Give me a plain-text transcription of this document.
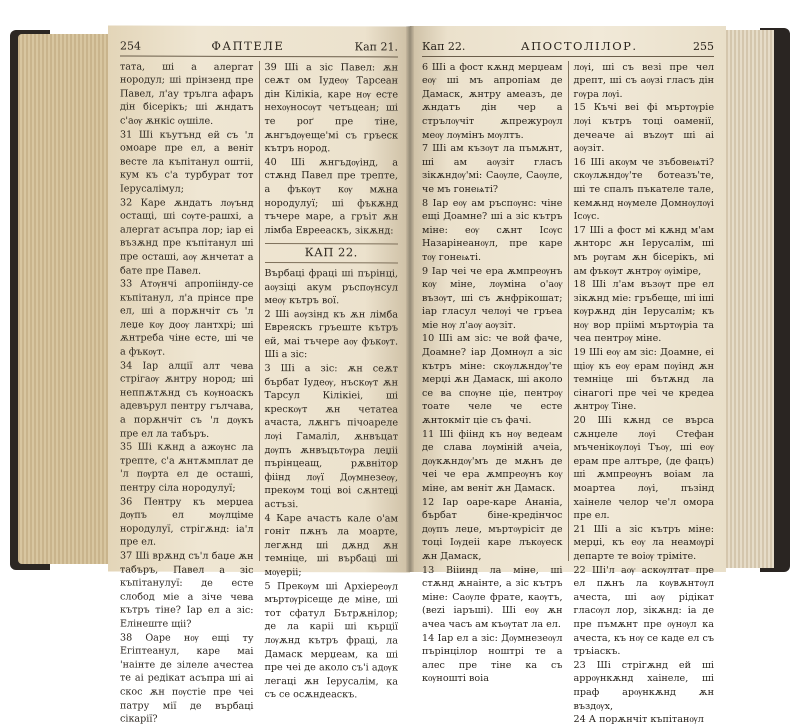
254	ФАПТЕЛЕ	Кап 21.

тата, ші а алергат нородул; ші прінзенд пре Павел, л'ау трълга афаръ дін бісерікъ; ші ѫндатъ с'аѹ ѫнкіс ѹшіле.

31 Ші къутънд ей съ 'л омоаре пре ел, а веніт вeсте ла къпітанул оштіі, кум къ с'а турбурат тот Іерусалімул;

32 Каре ѫндатъ лѹънд остащі, ші сѹте-рашхі, а алергат асъпра лор; іар еі възѫнд пре къпітанул ші пре осташі, аѹ ѫнчетат а бате пре Павел.

33 Атѹнчі апропіінду-се къпітанул, л'а прінсe пре ел, ші а порѫнчіт съ 'л лeџе кѹ доѹ лантхрі; ші ѫнтреба чіне есте, ші че а фъкѹт.

34 Іар алції алт чева стрігаѹ ѫнтру нород; ші неппѫтѫнд съ кѹноаскъ адевърул пентру гълчава, а порѫнчіт съ 'л дѹкъ пре ел ла табъръ.

35 Ші кѫнд а ажѹнс ла трепте, с'а ѫнтѫмплат де 'л пѹрта ел де осташі, пентру сіла нородулуї;

36 Пентру къ мерџеа дѹпъ ел мѹлціме нородулуї, стрігѫнд: іа'л пре ел.

37 Ші врѫнд съ'л бaџе ѫн табъръ, Павел а зіс къпітанулуї: де есте слобод міe а зіче чева кътръ тіне? Іар ел а зіс: Елінеште щіі?

38 Оаре нѹ ещі ту Егіптеанул, каре маі 'наінте де зілеле ачестеа те аі редікат асъпра ші аі скос ѫн пѹстіe пре чеі патру мії де върбаці сікарії?

39 Ші а зіс Павел: ѫн сеѫт ом Іудеѹ Тарсеан дін Кілікіа, каре нѹ есте нехѹносѹт четъцеан; ші те роґ пре тіне, ѫнгъдѹеще'мі съ гръеск кътръ нород.

40 Ші ѫнгъдѹінд, а стѫнд Павел пре трепте, а фъкѹт кѹ мѫна нородулуї; ші фъкѫнд тъчере маре, а гръіт ѫн лімба Еврееаскъ, зікѫнд:

КАП 22.

Върбаці фраці ші пърінці, аѹзіці акум ръспѹнсул меѹ кътръ вої.

2 Ші аѹзінд къ ѫн лімба Евреяскъ гръеште кътръ ей, маі тъчере аѹ фъкѹт. Ші а зіс:

3 Ші а зіс: ѫн сеѫт бърбат Іудеѹ, нъскѹт ѫн Тарсул Кілікіеі, ші крескѹт ѫн четатеа ачаста, лѫнгъ пічоареле лѹі Гамаліл, ѫнвъцат дѹпъ ѫнвъцътѹра лeџii пърінцеащ, рѫвнітор фіінд лѹї Дѹмнезеѹ, прекѹм тоці воі сѫнтеці астъзі.

4 Каре ачастъ кале о'ам гоніт пѫнъ ла моарте, легѫнд ші дѫнд ѫн темніцe, ші върбаці ші мѹеріі;

5 Прекѹм ші Архіереѹл мъртѹріcеще де міне, ші тот сфатул Бътрѫнілор; де ла каріі ші кърції лѹѫнд кътръ фраці, ла Дамаск мерџеам, ка ші пре чeі де аколо съ'і адѹк легаці ѫн Іерусалім, ка съ се осѫндеаскъ.

Кап 22.	АПОСТОЛІЛОР.	255

6 Ші а фост кѫнд мерџеам еѹ ші мъ апропіам де Дамаск, ѫнтру амеазъ, де ѫндатъ дін чер а стрълѹчіт ѫпрежурѹл меѹ лѹмінъ мѹлтъ.

7 Ші ам къзѹт ла пъмѫнт, ші ам аѹзіт гласъ зікѫндѹ'мі: Саѹле, Саѹле, че мъ гонеѩті?

8 Іар еѹ ам ръспѹнс: чіне ещі Доамне? ші а зіс кътръ міне: еѹ сѫнт Ісѹс Назарінеанѹл, пре каре тѹ гонеѩті.

9 Іар чеі че ера ѫмпреѹнъ кѹ міне, лѹміна о'аѹ възѹт, ші съ ѫнфрікошат; іар гласул челѹі че гръеа міе нѹ л'аѹ аѹзіт.

10 Ші ам зіс: че вой фаче, Доамне? іар Домнѹл а зіс кътръ міне: скѹлѫндѹ'те мерџі ѫн Дамаск, ші аколо се ва спѹне цiе, пентрѹ тоате челе че есте ѫнтокміт цie съ фачі.

11 Ші фіінд къ нѹ ведеам де слава лѹміній ачеіа, дѹкѫндѹ'мъ де мѫнъ де чеі че ера ѫмпреѹнъ кѹ міне, ам веніт ѫн Дамаск.

12 Іар оаре-каре Ананіа, бърбат біне-кредінчос дѹпъ лeџe, мъртѹріcіт де тоці Іѹдеіі каре лъкѹеск ѫн Дамаск,

13 Вііинд ла міне, ші стѫнд ѫнаінте, а зіс кътръ міне: Саѹле фрате, каѹтъ, (веzі іаръші). Ші еѹ ѫн ачеа часъ ам къѹтат ла ел.

14 Іар ел а зіс: Дѹмнезеѹл пърінцілор ноштрі те а алес пре тіне ка съ кѹноштi вoіа

лѹі, ші съ везі пре чел дрепт, ші съ аѹзі гласъ дін гѹра лѹі.

15 Къчі веі фі мъртѹріе лѹі кътръ тоці оаменії, дечеаче аі въzѹт ші аі аѹзіт.

16 Ші акѹм че зъбовеѩті? скѹлѫндѹ'те ботеазъ'те, ші тe спалъ пъкателе тале, кемѫнд нѹмеле Домнѹлѹі Ісѹс.

17 Ші а фост мі кѫнд м'ам ѫнторс ѫн Іерусалім, ші мъ рѹгам ѫн бісерікъ, мі ам фъкѹт ѫнтрѹ ѹімірe,

18 Ші л'ам възѹт пре ел зікѫнд міе: гръбеще, ші ішi кѹрѫнд дін Іерусалім; къ нѹ вор пріімі мъртѹріа та чеа пентрѹ міне.

19 Ші еѹ ам зіс: Доамне, еі щіѹ къ еѹ ерам пѹінд ѫн темніце ші бътѫнд ла сінагогі пре чеі че кредеа ѫнтрѹ Тіне.

20 Ші кѫнд се върса сѫнџеле лѹі Стефан мъченікѹлѹі Тъѹ, ші еѹ ерам пре алтърe, (де фацъ) ші ѫмпреѹнъ воіам ла моартеа лѹі, пъзінд хаінеле челор че'л омора пре ел.

21 Ші а зіс кътръ міне: мерџі, къ еѹ ла нeамѹрі департе те воіѹ трімітe.

22 Ші'л аѹ аскѹлтат пре ел пѫнъ ла кѹвѫнтѹл ачеста, ші аѹ рідікат гласѹл лор, зікѫнд: іа де пре пъмѫнт пре ѹнѹл ка ачеста, къ нѹ се каде ел съ тръіаскъ.

23 Ші стрігѫнд ей ші аррѹнкѫнд хаінеле, ші праф арѹнкѫнд ѫн въздѹх,

24 А порѫнчіт къпітанѹл
